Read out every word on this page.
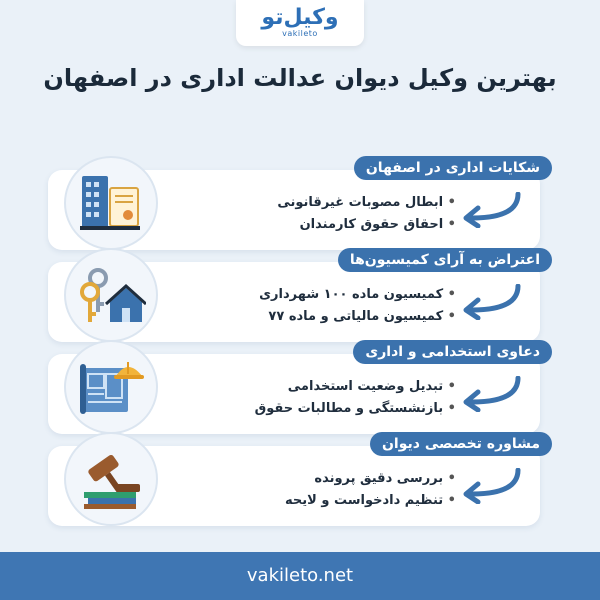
وکیل‌تو
vakileto
بهترین وکیل دیوان عدالت اداری در اصفهان
شکایات اداری در اصفهان
• ابطال مصوبات غیرقانونی
• احقاق حقوق کارمندان
اعتراض به آرای کمیسیون‌ها
• کمیسیون ماده ۱۰۰ شهرداری
• کمیسیون مالیاتی و ماده ۷۷
دعاوی استخدامی و اداری
• تبدیل وضعیت استخدامی
• بازنشستگی و مطالبات حقوق
مشاوره تخصصی دیوان
• بررسی دقیق پرونده
• تنظیم دادخواست و لایحه
vakileto.net
